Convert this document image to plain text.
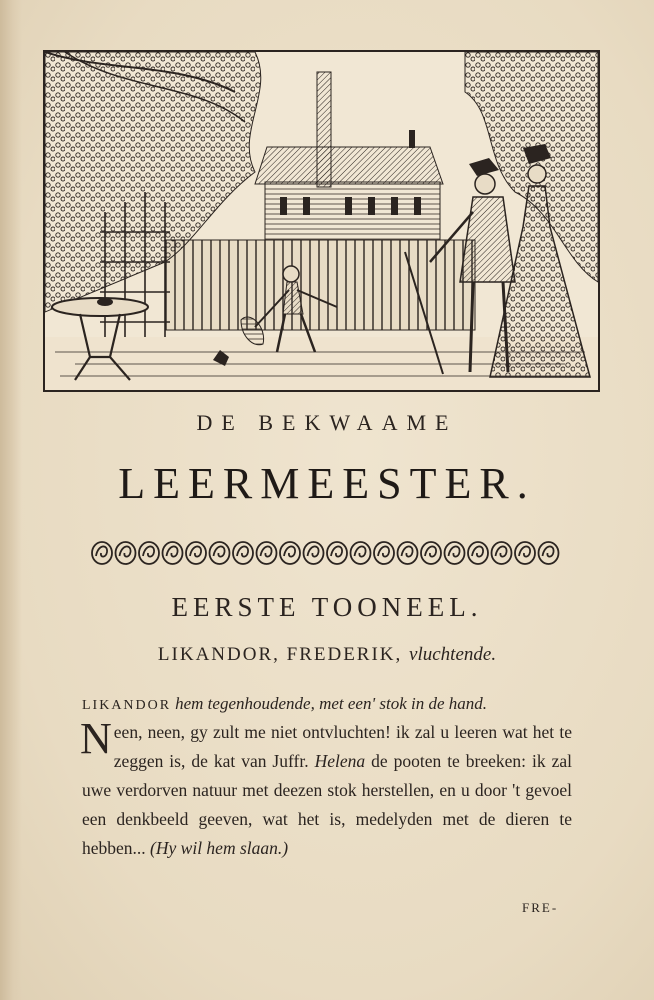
DE BEKWAAME
LEERMEESTER.
EERSTE TOONEEL.
LIKANDOR, FREDERIK, vluchtende.
LIKANDOR hem tegenhoudende, met een' stok in de hand.
Neen, neen, gy zult me niet ontvluchten! ik zal u leeren wat het te zeggen is, de kat van Juffr. Helena de pooten te breeken: ik zal uwe verdorven natuur met deezen stok herstellen, en u door 't gevoel een denkbeeld geeven, wat het is, medelyden met de dieren te hebben... (Hy wil hem slaan.)
FRE-
